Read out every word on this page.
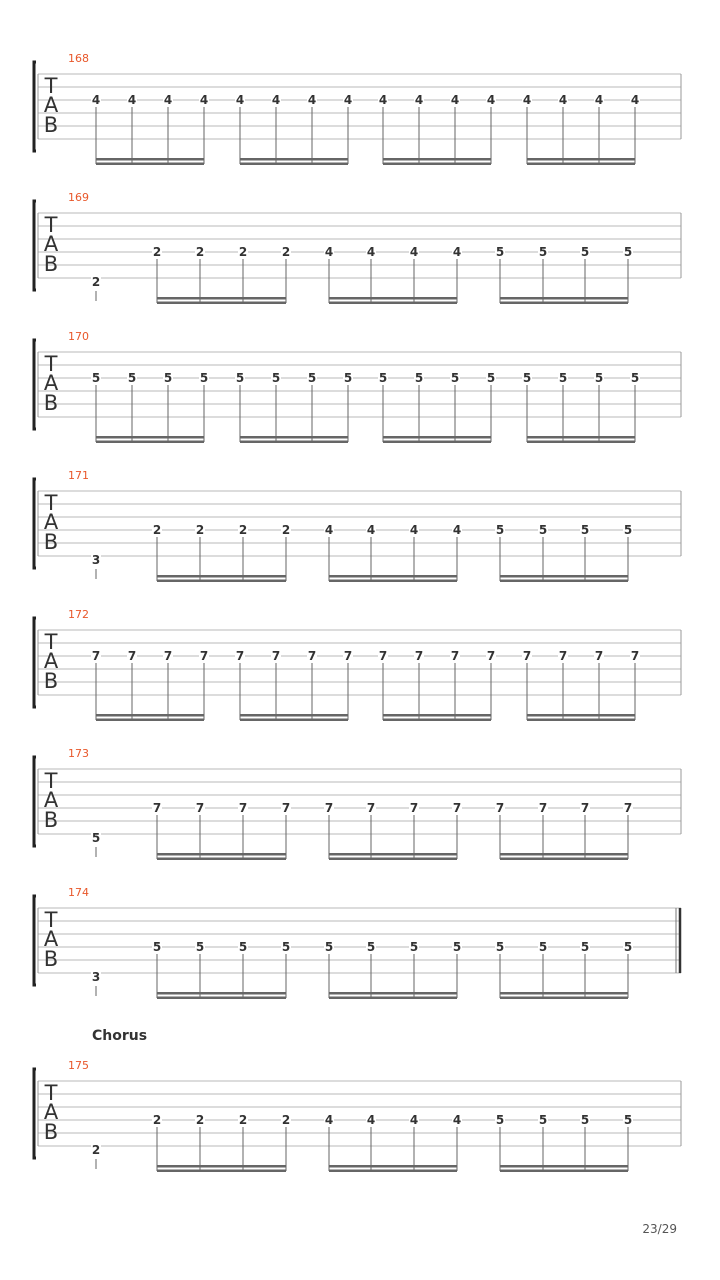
168
T
A
B
4 4 4 4 4 4 4 4 4 4 4 4 4 4 4 4
169
T
A
B
2
2	2	2	2	4	4	4	4	5	5	5	5
170
T
A
B
5 5 5 5 5 5 5 5 5 5 5 5 5 5 5 5
171
T
A
B
3
2	2	2	2	4	4	4	4	5	5	5	5
172
T
A
B
7 7 7 7 7 7 7 7 7 7 7 7 7 7 7 7
173
T
A
B
5
7	7	7	7	7	7	7	7	7	7	7	7
174
T
A
B
3
5	5	5	5	5	5	5	5	5	5	5	5
175
Chorus
T
A
B
2
2	2	2	2	4	4	4	4	5	5	5	5
23/29
